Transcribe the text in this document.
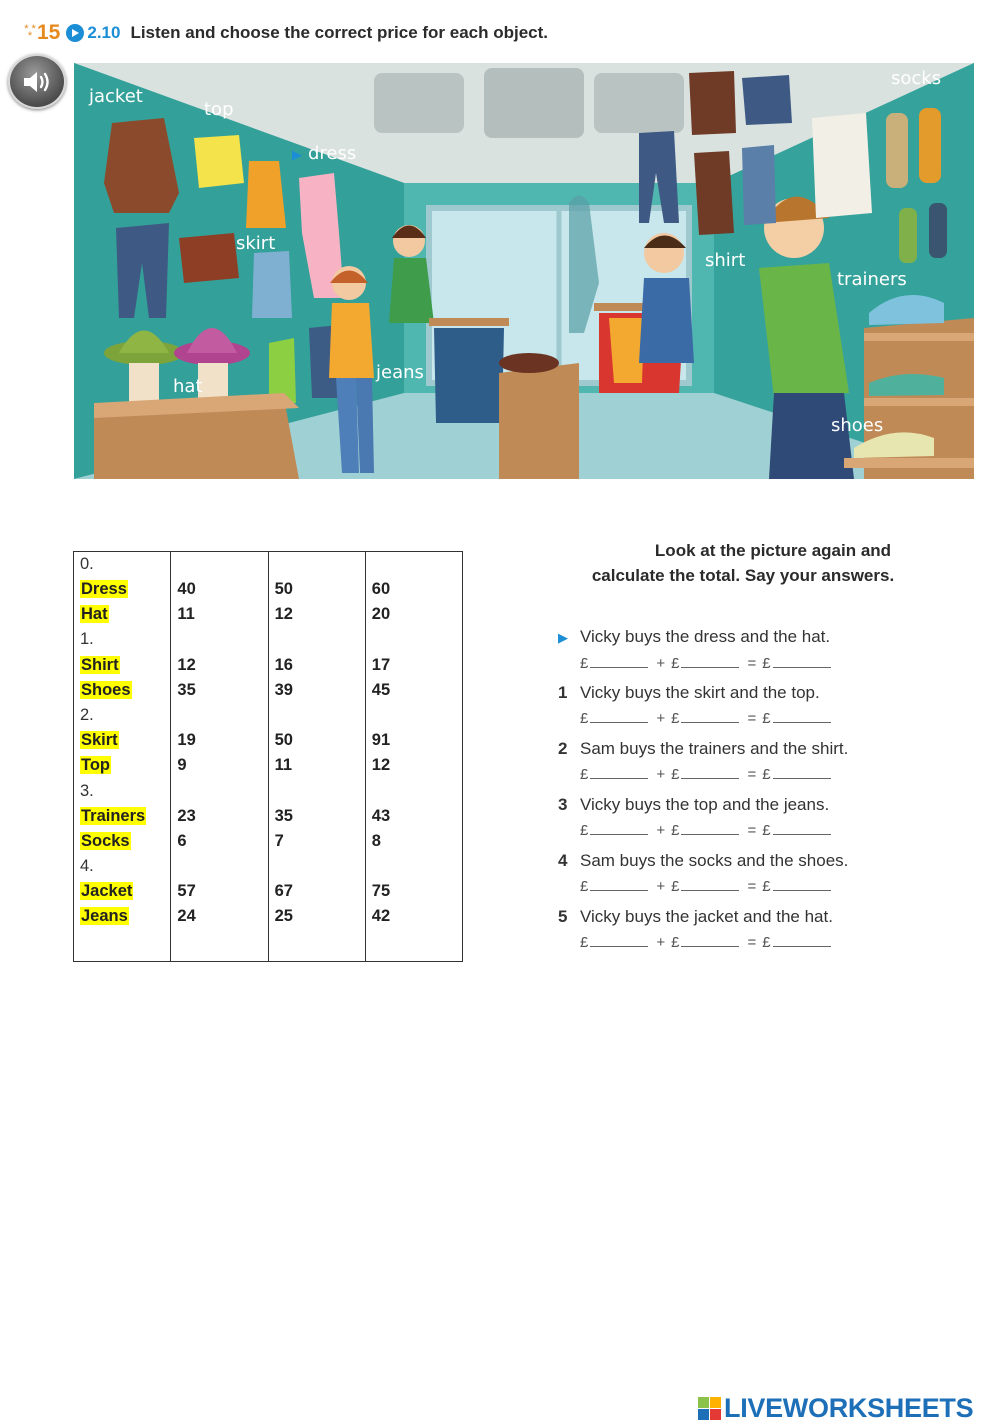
* * * 15 2.10 Listen and choose the correct price for each object.
jacket
top
▶ dress
skirt
hat
jeans
socks
shirt
trainers
shoes
0.			
Dress	40	50	60
Hat	11	12	20
1.			
Shirt	12	16	17
Shoes	35	39	45
2.			
Skirt	19	50	91
Top	9	11	12
3.			
Trainers	23	35	43
Socks	6	7	8
4.			
Jacket	57	67	75
Jeans	24	25	42

Look at the picture again and
calculate the total. Say your answers.
▶ Vicky buys the dress and the hat.
£	+ £	= £
1 Vicky buys the skirt and the top.
£	+ £	= £
2 Sam buys the trainers and the shirt.
£	+ £	= £
3 Vicky buys the top and the jeans.
£	+ £	= £
4 Sam buys the socks and the shoes.
£	+ £	= £
5 Vicky buys the jacket and the hat.
£	+ £	= £
LIVEWORKSHEETS
